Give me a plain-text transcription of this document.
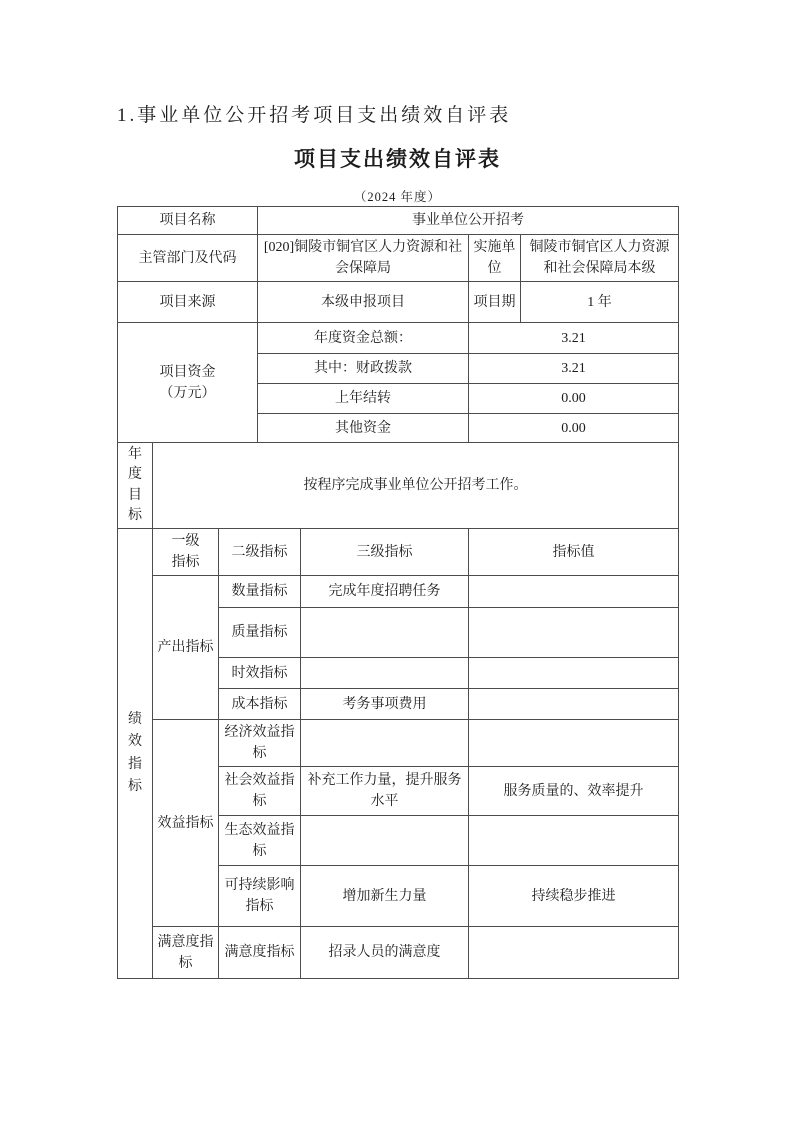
1.事业单位公开招考项目支出绩效自评表
项目支出绩效自评表
（2024 年度）
项目名称			事业单位公开招考			
主管部门及代码			[020]铜陵市铜官区人力资源和社会保障局		实施单位	铜陵市铜官区人力资源和社会保障局本级
项目来源			本级申报项目		项目期	1 年
项目资金（万元）			年度资金总额：		3.21	
			其中：财政拨款		3.21	
			上年结转		0.00	
			其他资金		0.00	

年度目标	按程序完成事业单位公开招考工作。					

绩效指标	一级指标	二级指标		三级指标	指标值	
	产出指标	数量指标		完成年度招聘任务		
		质量指标				
		时效指标				
		成本指标		考务事项费用		
	效益指标	经济效益指标				
		社会效益指标		补充工作力量，提升服务水平	服务质量的、效率提升	
		生态效益指标				
		可持续影响指标		增加新生力量	持续稳步推进	
	满意度指标	满意度指标		招录人员的满意度		
